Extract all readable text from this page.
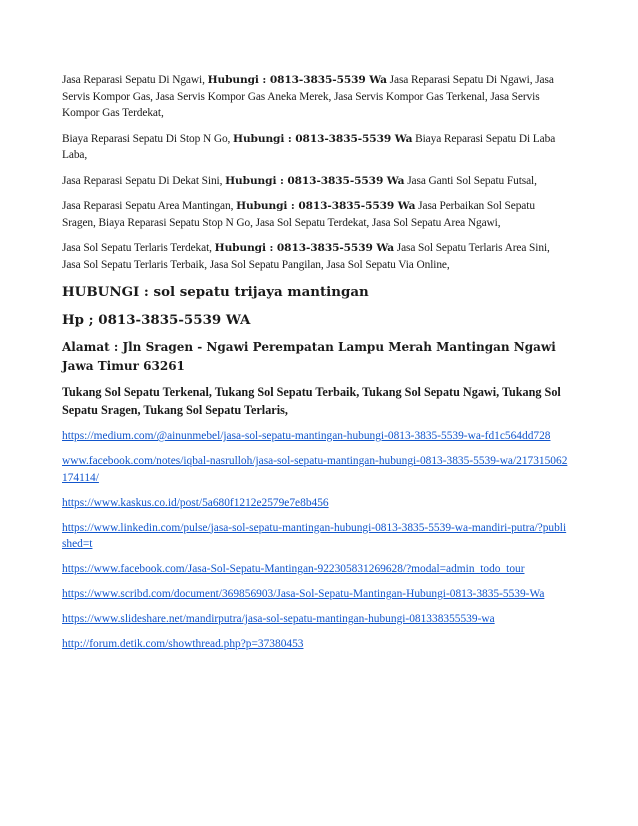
Jasa Reparasi Sepatu Di Ngawi, Hubungi : 0813-3835-5539 Wa Jasa Reparasi Sepatu Di Ngawi, Jasa Servis Kompor Gas, Jasa Servis Kompor Gas Aneka Merek, Jasa Servis Kompor Gas Terkenal, Jasa Servis Kompor Gas Terdekat,

Biaya Reparasi Sepatu Di Stop N Go, Hubungi : 0813-3835-5539 Wa Biaya Reparasi Sepatu Di Laba Laba,

Jasa Reparasi Sepatu Di Dekat Sini, Hubungi : 0813-3835-5539 Wa Jasa Ganti Sol Sepatu Futsal,

Jasa Reparasi Sepatu Area Mantingan, Hubungi : 0813-3835-5539 Wa Jasa Perbaikan Sol Sepatu Sragen, Biaya Reparasi Sepatu Stop N Go, Jasa Sol Sepatu Terdekat, Jasa Sol Sepatu Area Ngawi,

Jasa Sol Sepatu Terlaris Terdekat, Hubungi : 0813-3835-5539 Wa Jasa Sol Sepatu Terlaris Area Sini, Jasa Sol Sepatu Terlaris Terbaik, Jasa Sol Sepatu Pangilan, Jasa Sol Sepatu Via Online,

HUBUNGI : sol sepatu trijaya mantingan

Hp ; 0813-3835-5539 WA

Alamat : Jln Sragen - Ngawi Perempatan Lampu Merah Mantingan Ngawi Jawa Timur 63261

Tukang Sol Sepatu Terkenal, Tukang Sol Sepatu Terbaik, Tukang Sol Sepatu Ngawi, Tukang Sol Sepatu Sragen, Tukang Sol Sepatu Terlaris,

https://medium.com/@ainunmebel/jasa-sol-sepatu-mantingan-hubungi-0813-3835-5539-wa-fd1c564dd728
www.facebook.com/notes/iqbal-nasrulloh/jasa-sol-sepatu-mantingan-hubungi-0813-3835-5539-wa/217315062174114/
https://www.kaskus.co.id/post/5a680f1212e2579e7e8b456
https://www.linkedin.com/pulse/jasa-sol-sepatu-mantingan-hubungi-0813-3835-5539-wa-mandiri-putra/?published=t
https://www.facebook.com/Jasa-Sol-Sepatu-Mantingan-922305831269628/?modal=admin_todo_tour
https://www.scribd.com/document/369856903/Jasa-Sol-Sepatu-Mantingan-Hubungi-0813-3835-5539-Wa
https://www.slideshare.net/mandirputra/jasa-sol-sepatu-mantingan-hubungi-081338355539-wa
http://forum.detik.com/showthread.php?p=37380453
